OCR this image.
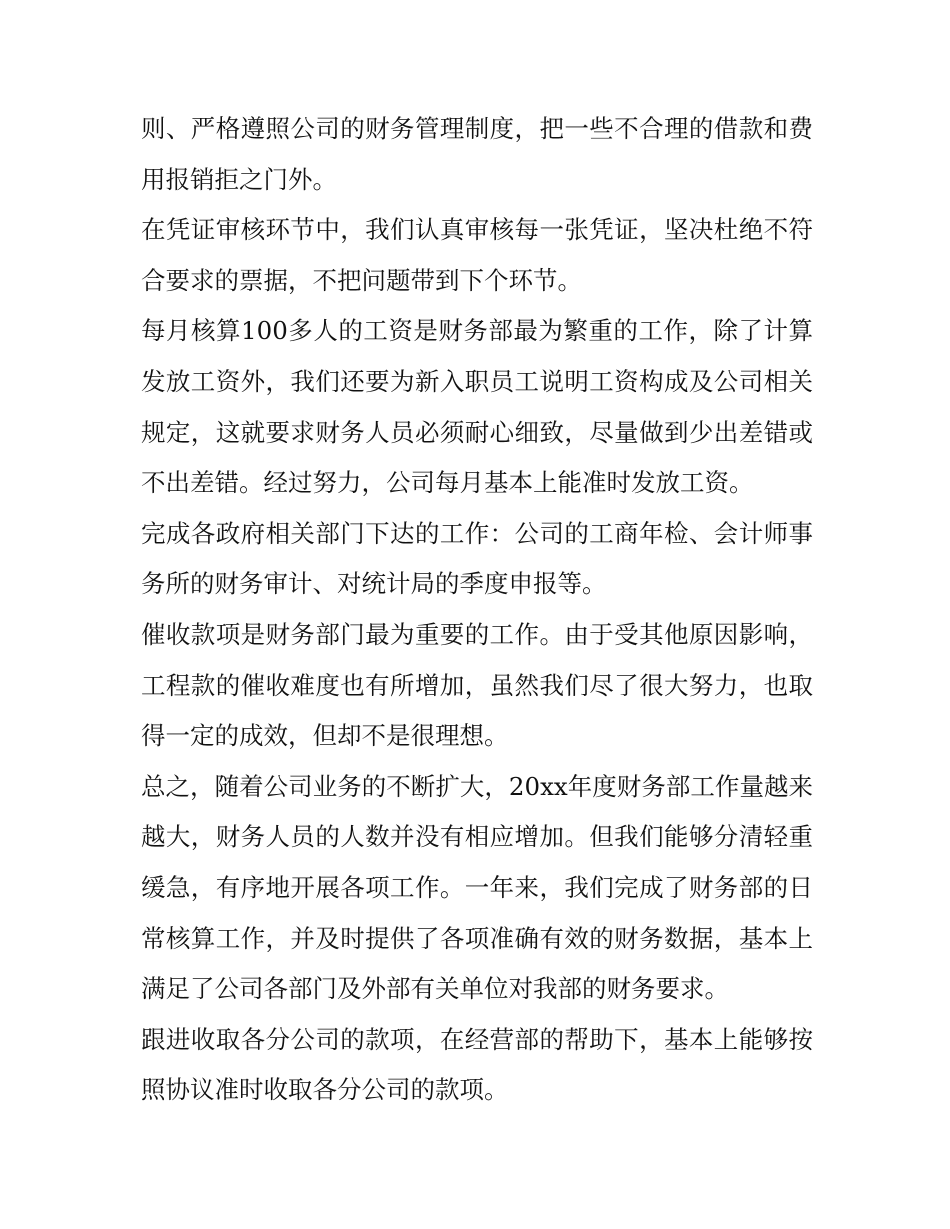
则、严格遵照公司的财务管理制度，把一些不合理的借款和费用报销拒之门外。

在凭证审核环节中，我们认真审核每一张凭证，坚决杜绝不符合要求的票据，不把问题带到下个环节。

每月核算100多人的工资是财务部最为繁重的工作，除了计算发放工资外，我们还要为新入职员工说明工资构成及公司相关规定，这就要求财务人员必须耐心细致，尽量做到少出差错或不出差错。经过努力，公司每月基本上能准时发放工资。

完成各政府相关部门下达的工作：公司的工商年检、会计师事务所的财务审计、对统计局的季度申报等。

催收款项是财务部门最为重要的工作。由于受其他原因影响，工程款的催收难度也有所增加，虽然我们尽了很大努力，也取得一定的成效，但却不是很理想。

总之，随着公司业务的不断扩大，20xx年度财务部工作量越来越大，财务人员的人数并没有相应增加。但我们能够分清轻重缓急，有序地开展各项工作。一年来，我们完成了财务部的日常核算工作，并及时提供了各项准确有效的财务数据，基本上满足了公司各部门及外部有关单位对我部的财务要求。

跟进收取各分公司的款项，在经营部的帮助下，基本上能够按照协议准时收取各分公司的款项。
